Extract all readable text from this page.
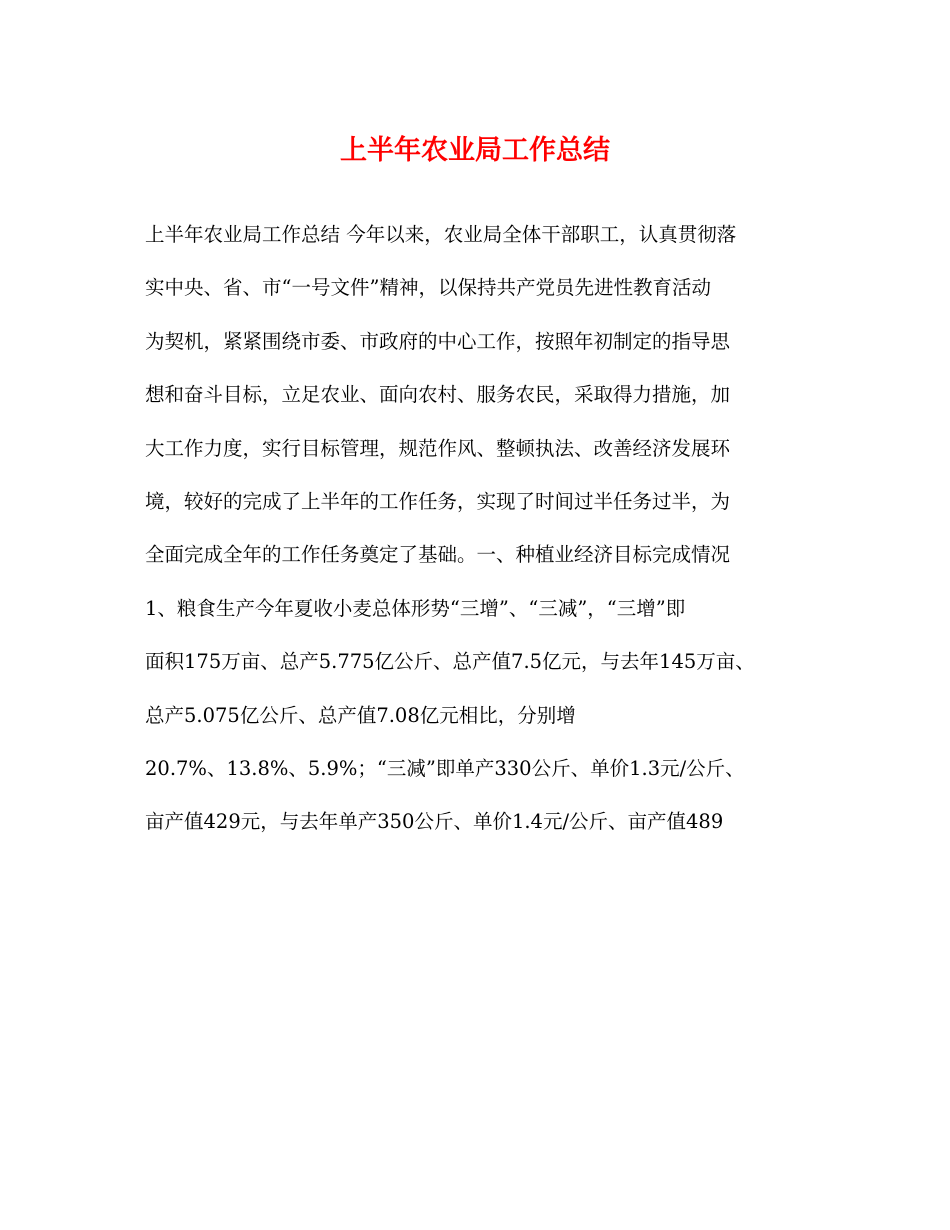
上半年农业局工作总结
上半年农业局工作总结 今年以来，农业局全体干部职工，认真贯彻落
实中央、省、市“一号文件”精神，以保持共产党员先进性教育活动
为契机，紧紧围绕市委、市政府的中心工作，按照年初制定的指导思
想和奋斗目标，立足农业、面向农村、服务农民，采取得力措施，加
大工作力度，实行目标管理，规范作风、整顿执法、改善经济发展环
境，较好的完成了上半年的工作任务，实现了时间过半任务过半，为
全面完成全年的工作任务奠定了基础。一、种植业经济目标完成情况
1、粮食生产今年夏收小麦总体形势“三增”、“三减”，“三增”即
面积175万亩、总产5.775亿公斤、总产值7.5亿元，与去年145万亩、
总产5.075亿公斤、总产值7.08亿元相比，分别增
20.7%、13.8%、5.9%；“三减”即单产330公斤、单价1.3元/公斤、
亩产值429元，与去年单产350公斤、单价1.4元/公斤、亩产值489
